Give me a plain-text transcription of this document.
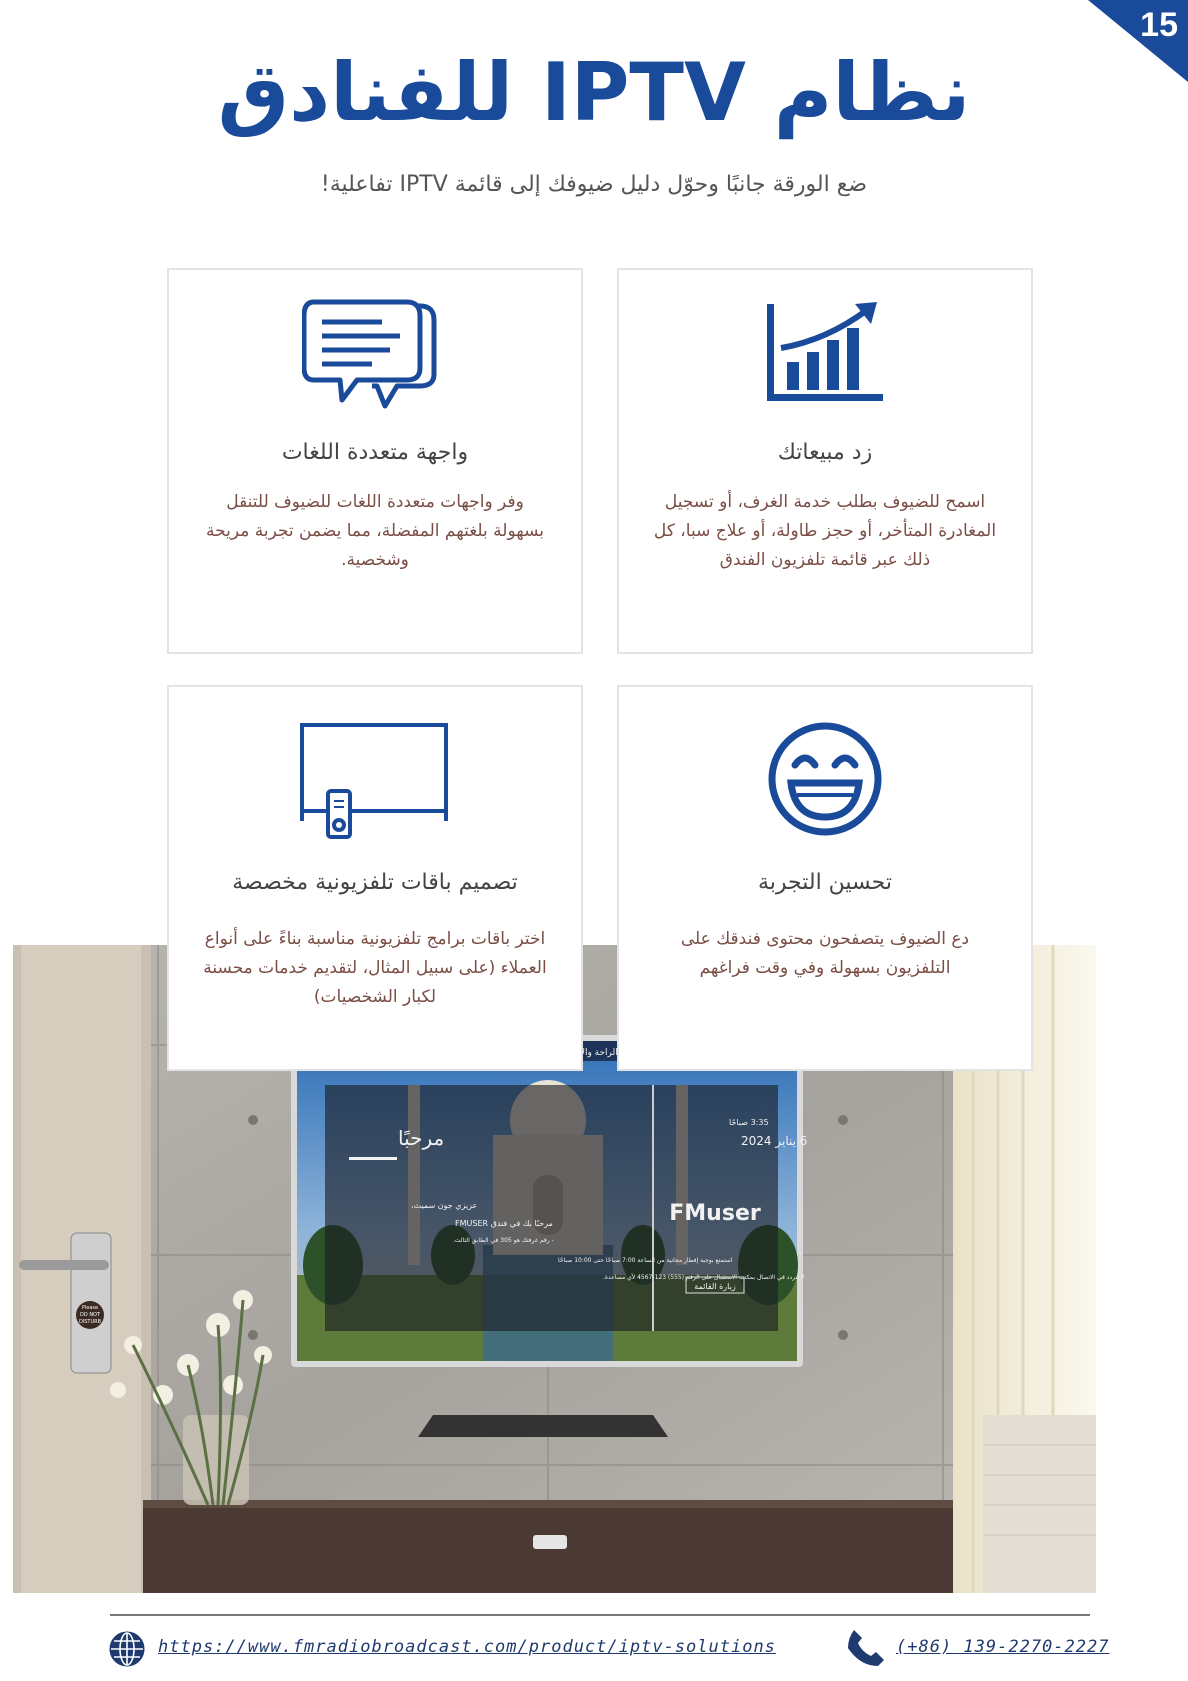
15
نظام IPTV للفنادق
ضع الورقة جانبًا وحوّل دليل ضيوفك إلى قائمة IPTV تفاعلية!
Please
DO NOT
DISTURB
الراحة
مرحبًا
عزيزي جون سميث،
مرحبًا بك في فندق FMUSER
- رقم غرفتك هو 305 في الطابق الثالث.
استمتع بوجبة إفطار مجانية من الساعة 7:00 صباحًا حتى 10:00 صباحًا
لا تتردد في الاتصال بمكتب الاستقبال على الرقم (555) 123-4567 لأي مساعدة.
3:35 صباحًا
6 يناير 2024
FMuser
زيارة القائمة
واجهة متعددة اللغات
وفر واجهات متعددة اللغات للضيوف للتنقل بسهولة بلغتهم المفضلة، مما يضمن تجربة مريحة وشخصية.
زد مبيعاتك
اسمح للضيوف بطلب خدمة الغرف، أو تسجيل المغادرة المتأخر، أو حجز طاولة، أو علاج سبا، كل ذلك عبر قائمة تلفزيون الفندق
تصميم باقات تلفزيونية مخصصة
اختر باقات برامج تلفزيونية مناسبة بناءً على أنواع العملاء (على سبيل المثال، لتقديم خدمات محسنة لكبار الشخصيات)
تحسين التجربة
دع الضيوف يتصفحون محتوى فندقك على التلفزيون بسهولة وفي وقت فراغهم
https://www.fmradiobroadcast.com/product/iptv-solutions	(+86) 139-2270-2227
